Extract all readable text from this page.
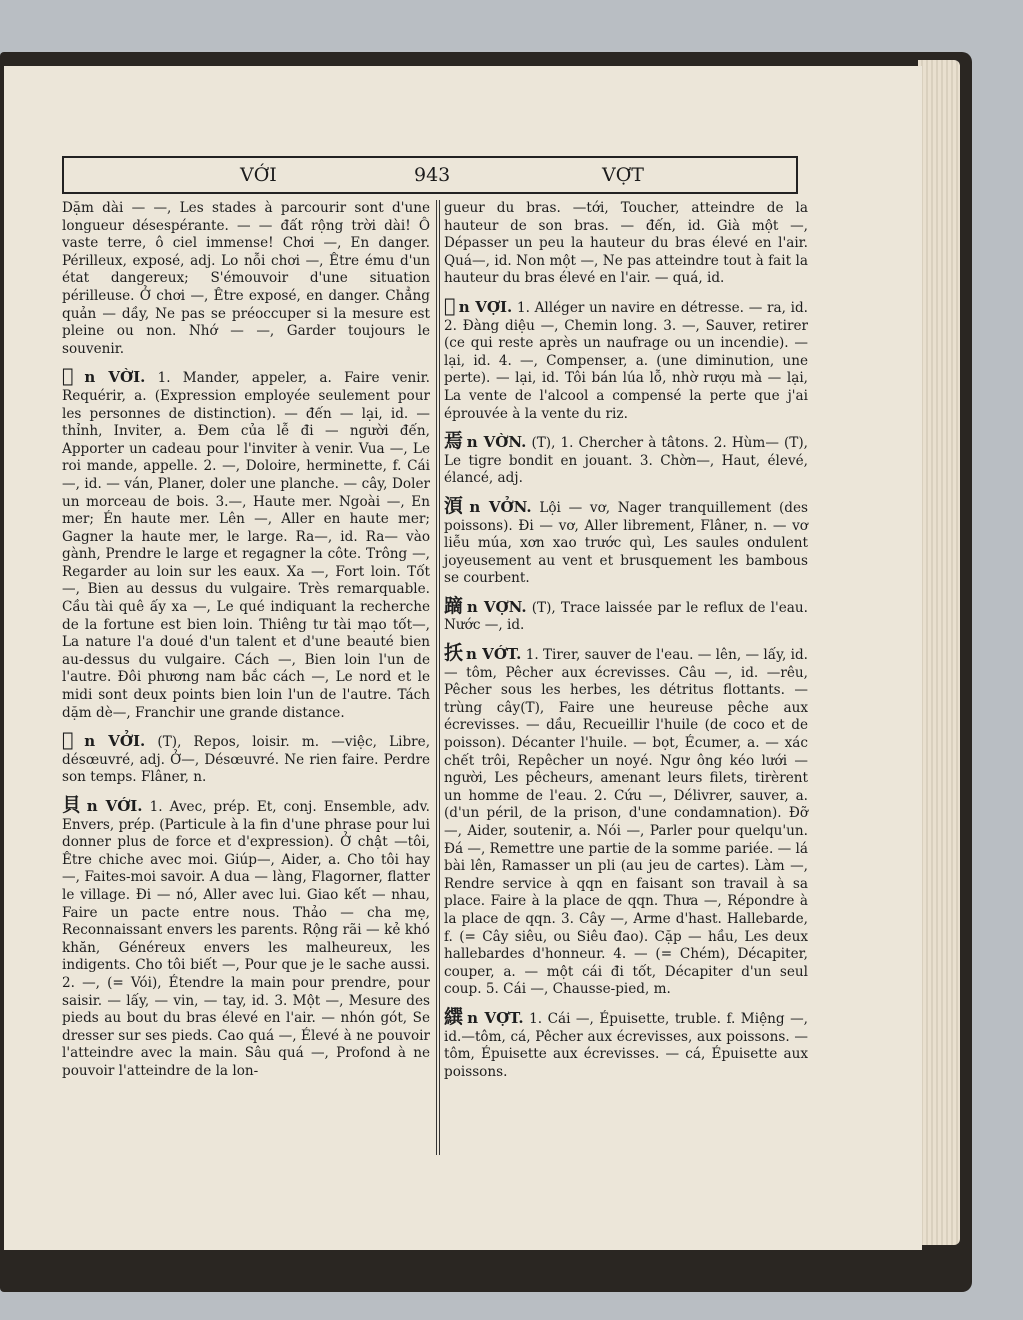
VỚI	943	VỢT

Dặm dài — —, Les stades à parcourir sont d'une longueur désespérante. — — đất rộng trời dài! Ô vaste terre, ô ciel immense! Chơi —, En danger. Périlleux, exposé, adj. Lo nỗi chơi —, Être ému d'un état dangereux; S'émouvoir d'une situation périlleuse. Ở chơi —, Être exposé, en danger. Chẳng quản — dầy, Ne pas se préoccuper si la mesure est pleine ou non. Nhớ — —, Garder toujours le souvenir.

𠽔 n VỜI. 1. Mander, appeler, a. Faire venir. Requérir, a. (Expression employée seulement pour les personnes de distinction). — đến — lại, id. — thỉnh, Inviter, a. Đem của lễ đi — người đến, Apporter un cadeau pour l'inviter à venir. Vua —, Le roi mande, appelle. 2. —, Doloire, herminette, f. Cái —, id. — ván, Planer, doler une planche. — cây, Doler un morceau de bois. 3.—, Haute mer. Ngoài —, En mer; Én haute mer. Lên —, Aller en haute mer; Gagner la haute mer, le large. Ra—, id. Ra— vào gành, Prendre le large et regagner la côte. Trông —, Regarder au loin sur les eaux. Xa —, Fort loin. Tốt —, Bien au dessus du vulgaire. Très remarquable. Cầu tài quê ấy xa —, Le qué indiquant la recherche de la fortune est bien loin. Thiêng tư tài mạo tốt—, La nature l'a doué d'un talent et d'une beauté bien au-dessus du vulgaire. Cách —, Bien loin l'un de l'autre. Đôi phương nam bắc cách —, Le nord et le midi sont deux points bien loin l'un de l'autre. Tách dặm dè—, Franchir une grande distance.

𨓐 n VỞI. (T), Repos, loisir. m. —việc, Libre, désœuvré, adj. Ở—, Désœuvré. Ne rien faire. Perdre son temps. Flâner, n.

貝 n VỚI. 1. Avec, prép. Et, conj. Ensemble, adv. Envers, prép. (Particule à la fin d'une phrase pour lui donner plus de force et d'expression). Ở chật —tôi, Être chiche avec moi. Giúp—, Aider, a. Cho tôi hay —, Faites-moi savoir. A dua — làng, Flagorner, flatter le village. Đi — nó, Aller avec lui. Giao kết — nhau, Faire un pacte entre nous. Thảo — cha mẹ, Reconnaissant envers les parents. Rộng rãi — kẻ khó khăn, Généreux envers les malheureux, les indigents. Cho tôi biết —, Pour que je le sache aussi. 2. —, (= Vói), Étendre la main pour prendre, pour saisir. — lấy, — vin, — tay, id. 3. Một —, Mesure des pieds au bout du bras élevé en l'air. — nhón gót, Se dresser sur ses pieds. Cao quá —, Élevé à ne pouvoir l'atteindre avec la main. Sâu quá —, Profond à ne pouvoir l'atteindre de la lon-

gueur du bras. —tới, Toucher, atteindre de la hauteur de son bras. — đến, id. Già một —, Dépasser un peu la hauteur du bras élevé en l'air. Quá—, id. Non một —, Ne pas atteindre tout à fait la hauteur du bras élevé en l'air. — quá, id.

𣾽 n VỢI. 1. Alléger un navire en détresse. — ra, id. 2. Đàng diệu —, Chemin long. 3. —, Sauver, retirer (ce qui reste après un naufrage ou un incendie). — lại, id. 4. —, Compenser, a. (une diminution, une perte). — lại, id. Tôi bán lúa lỗ, nhờ rượu mà — lại, La vente de l'alcool a compensé la perte que j'ai éprouvée à la vente du riz.

焉 n VỜN. (T), 1. Chercher à tâtons. 2. Hùm— (T), Le tigre bondit en jouant. 3. Chờn—, Haut, élevé, élancé, adj.

湏 n VỞN. Lội — vơ, Nager tranquillement (des poissons). Đi — vơ, Aller librement, Flâner, n. — vơ liễu múa, xơn xao trước quì, Les saules ondulent joyeusement au vent et brusquement les bambous se courbent.

蹢 n VỢN. (T), Trace laissée par le reflux de l'eau. Nước —, id.

扷 n VỚT. 1. Tirer, sauver de l'eau. — lên, — lấy, id. — tôm, Pêcher aux écrevisses. Câu —, id. —rêu, Pêcher sous les herbes, les détritus flottants. —trùng cây(T), Faire une heureuse pêche aux écrevisses. — dầu, Recueillir l'huile (de coco et de poisson). Décanter l'huile. — bọt, Écumer, a. — xác chết trôi, Repêcher un noyé. Ngư ông kéo lưới — người, Les pêcheurs, amenant leurs filets, tirèrent un homme de l'eau. 2. Cứu —, Délivrer, sauver, a. (d'un péril, de la prison, d'une condamnation). Đỡ —, Aider, soutenir, a. Nói —, Parler pour quelqu'un. Đá —, Remettre une partie de la somme pariée. — lá bài lên, Ramasser un pli (au jeu de cartes). Làm —, Rendre service à qqn en faisant son travail à sa place. Faire à la place de qqn. Thưa —, Répondre à la place de qqn. 3. Cây —, Arme d'hast. Hallebarde, f. (= Cây siêu, ou Siêu đao). Cặp — hầu, Les deux hallebardes d'honneur. 4. — (= Chém), Décapiter, couper, a. — một cái đi tốt, Décapiter d'un seul coup. 5. Cái —, Chausse-pied, m.

繏 n VỢT. 1. Cái —, Épuisette, truble. f. Miệng —, id.—tôm, cá, Pêcher aux écrevisses, aux poissons. — tôm, Épuisette aux écrevisses. — cá, Épuisette aux poissons.
